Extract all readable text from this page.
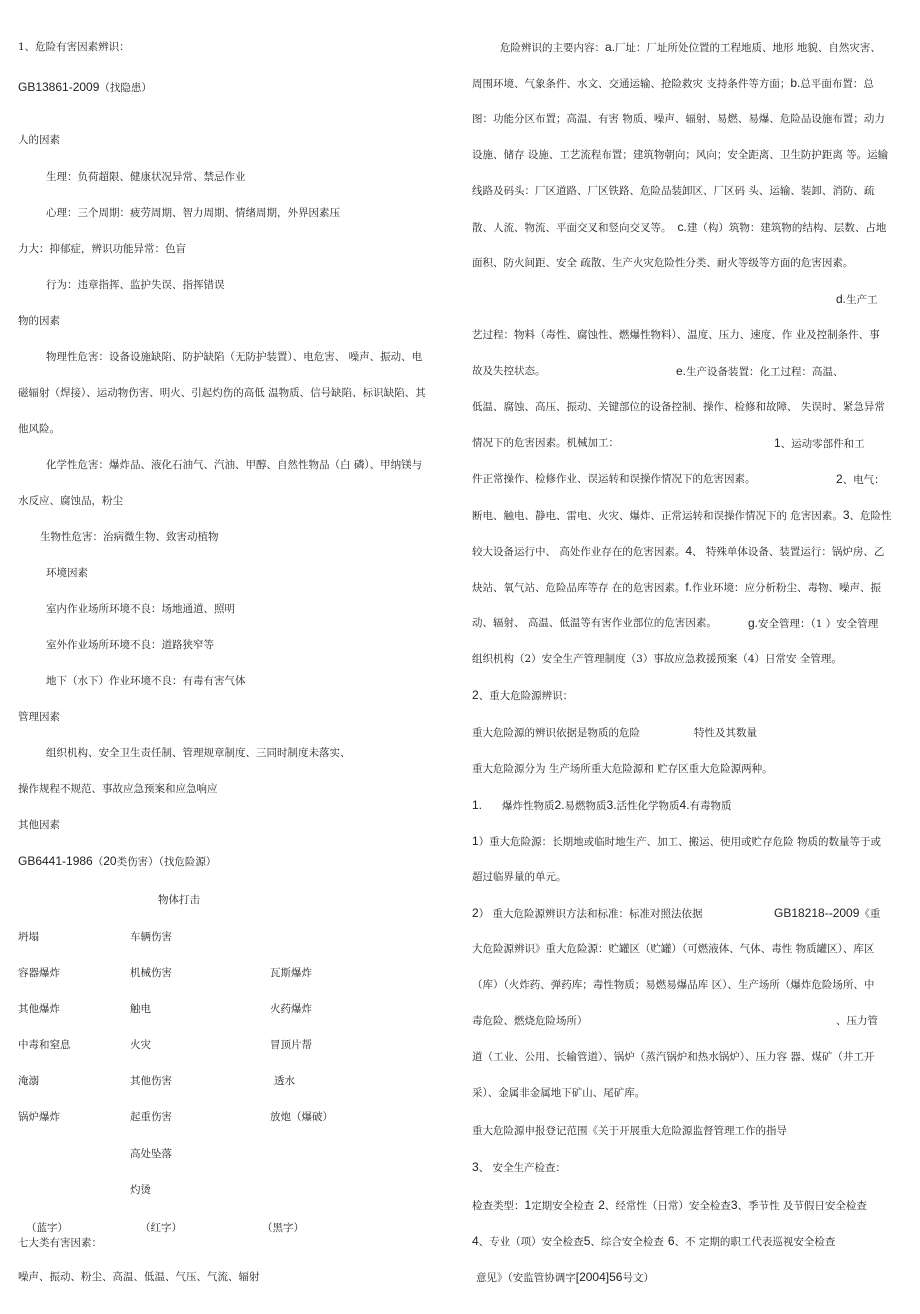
1、危险有害因素辨识：
GB13861-2009（找隐患）
人的因素
生理：负荷超限、健康状况异常、禁忌作业
心理：三个周期：疲劳周期、智力周期、情绪周期，外界因素压
力大：抑郁症，辨识功能异常：色盲
行为：违章指挥、监护失误、指挥错误
物的因素
物理性危害：设备设施缺陷、防护缺陷（无防护装置）、电危害、 噪声、振动、电
磁辐射（焊接）、运动物伤害、明火、引起灼伤的高低 温物质、信号缺陷、标识缺陷、其
他风险。
化学性危害：爆炸品、液化石油气、汽油、甲醇、自然性物品（白 磷）、甲纳镁与
水反应、腐蚀品，粉尘
生物性危害：治病微生物、致害动植物
环境因素
室内作业场所环境不良：场地通道、照明
室外作业场所环境不良：道路狭窄等
地下（水下）作业环境不良：有毒有害气体
管理因素
组织机构、安全卫生责任制、管理规章制度、三同时制度未落实、
操作规程不规范、事故应急预案和应急响应
其他因素
GB6441-1986（20类伤害）（找危险源）
物体打击
坍塌	车辆伤害
容器爆炸	机械伤害	瓦斯爆炸
其他爆炸	触电	火药爆炸
中毒和窒息	火灾	冒顶片帮
淹溺	其他伤害	透水
锅炉爆炸	起重伤害	放炮（爆破）
高处坠落
灼烫
（蓝字）	（红字）	（黑字）
七大类有害因素：
噪声、振动、粉尘、高温、低温、气压、气流、辐射
危险辨识的主要内容：a.厂址：厂址所处位置的工程地质、地形 地貌、自然灾害、
周围环境、气象条件、水文、交通运输、抢险救灾 支持条件等方面；b.总平面布置：总
图：功能分区布置；高温、有害 物质、噪声、辐射、易燃、易爆、危险品设施布置；动力
设施、储存 设施、工艺流程布置；建筑物朝向；风向；安全距离、卫生防护距离 等。运输
线路及码头：厂区道路、厂区铁路、危险品装卸区、厂区码 头、运输、装卸、消防、疏
散、人流、物流、平面交叉和竖向交叉等。 c.建（构）筑物：建筑物的结构、层数、占地
面积、防火间距、安全 疏散、生产火灾危险性分类、耐火等级等方面的危害因素。
d.生产工
艺过程：物料（毒性、腐蚀性、燃爆性物料）、温度、压力、速度、作 业及控制条件、事
故及失控状态。	e.生产设备装置：化工过程：高温、
低温、腐蚀、高压、振动、关键部位的设备控制、操作、检修和故障、 失误时、紧急异常
情况下的危害因素。机械加工：	1、运动零部件和工
件正常操作、检修作业、误运转和误操作情况下的危害因素。	2、电气：
断电、触电、静电、雷电、火灾、爆炸、正常运转和误操作情况下的 危害因素。3、危险性
较大设备运行中、 高处作业存在的危害因素。4、 特殊单体设备、装置运行：锅炉房、乙
炔站、氧气站、危险品库等存 在的危害因素。f.作业环境：应分析粉尘、毒物、噪声、振
动、辐射、 高温、低温等有害作业部位的危害因素。	g.安全管理：（1 ）安全管理
组织机构（2）安全生产管理制度（3）事故应急救援预案（4）日常安 全管理。
2、重大危险源辨识：
重大危险源的辨识依据是物质的危险	特性及其数量
重大危险源分为 生产场所重大危险源和 贮存区重大危险源两种。
1. 爆炸性物质2.易燃物质3.活性化学物质4.有毒物质
1）重大危险源：长期地或临时地生产、加工、搬运、使用或贮存危险 物质的数量等于或
超过临界量的单元。
2） 重大危险源辨识方法和标准：标准对照法依据	GB18218--2009《重
大危险源辨识》重大危险源：贮罐区（贮罐）（可燃液体、气体、毒性 物质罐区）、库区
（库）（火炸药、弹药库；毒性物质；易燃易爆品库 区）、生产场所（爆炸危险场所、中
毒危险、燃烧危险场所）	、压力管
道（工业、公用、长输管道）、锅炉（蒸汽锅炉和热水锅炉）、压力容 器、煤矿（井工开
采）、金属非金属地下矿山、尾矿库。
重大危险源申报登记范围《关于开展重大危险源监督管理工作的指导
3、 安全生产检查：
检查类型：1定期安全检查 2、经常性（日常）安全检查3、季节性 及节假日安全检查
4、专业（项）安全检查5、综合安全检查 6、不 定期的职工代表巡视安全检查
意见》（安监管协调字[2004]56号文）
